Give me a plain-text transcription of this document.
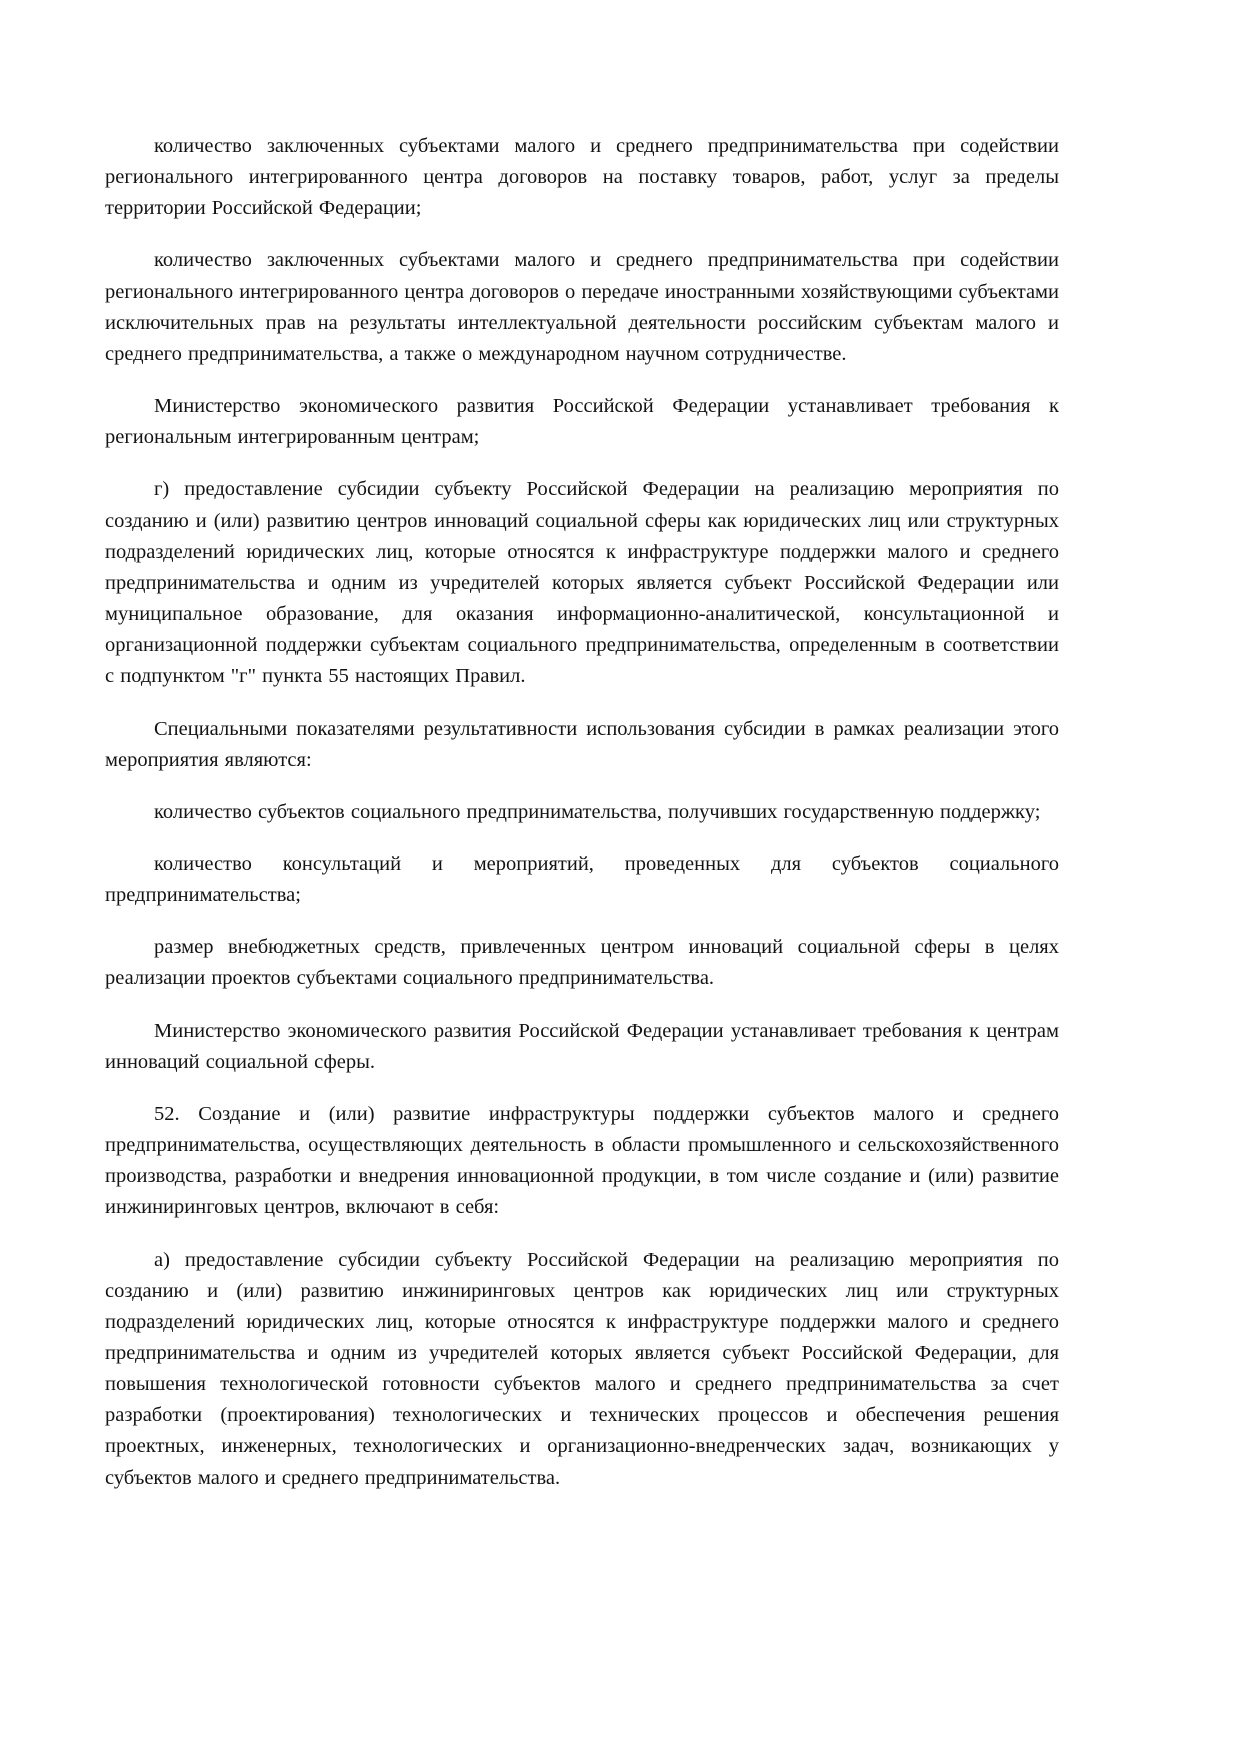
количество заключенных субъектами малого и среднего предпринимательства при содействии регионального интегрированного центра договоров на поставку товаров, работ, услуг за пределы территории Российской Федерации;

количество заключенных субъектами малого и среднего предпринимательства при содействии регионального интегрированного центра договоров о передаче иностранными хозяйствующими субъектами исключительных прав на результаты интеллектуальной деятельности российским субъектам малого и среднего предпринимательства, а также о международном научном сотрудничестве.

Министерство экономического развития Российской Федерации устанавливает требования к региональным интегрированным центрам;

г) предоставление субсидии субъекту Российской Федерации на реализацию мероприятия по созданию и (или) развитию центров инноваций социальной сферы как юридических лиц или структурных подразделений юридических лиц, которые относятся к инфраструктуре поддержки малого и среднего предпринимательства и одним из учредителей которых является субъект Российской Федерации или муниципальное образование, для оказания информационно-аналитической, консультационной и организационной поддержки субъектам социального предпринимательства, определенным в соответствии с подпунктом "г" пункта 55 настоящих Правил.

Специальными показателями результативности использования субсидии в рамках реализации этого мероприятия являются:

количество субъектов социального предпринимательства, получивших государственную поддержку;

количество консультаций и мероприятий, проведенных для субъектов социального предпринимательства;

размер внебюджетных средств, привлеченных центром инноваций социальной сферы в целях реализации проектов субъектами социального предпринимательства.

Министерство экономического развития Российской Федерации устанавливает требования к центрам инноваций социальной сферы.

52. Создание и (или) развитие инфраструктуры поддержки субъектов малого и среднего предпринимательства, осуществляющих деятельность в области промышленного и сельскохозяйственного производства, разработки и внедрения инновационной продукции, в том числе создание и (или) развитие инжиниринговых центров, включают в себя:

а) предоставление субсидии субъекту Российской Федерации на реализацию мероприятия по созданию и (или) развитию инжиниринговых центров как юридических лиц или структурных подразделений юридических лиц, которые относятся к инфраструктуре поддержки малого и среднего предпринимательства и одним из учредителей которых является субъект Российской Федерации, для повышения технологической готовности субъектов малого и среднего предпринимательства за счет разработки (проектирования) технологических и технических процессов и обеспечения решения проектных, инженерных, технологических и организационно-внедренческих задач, возникающих у субъектов малого и среднего предпринимательства.
